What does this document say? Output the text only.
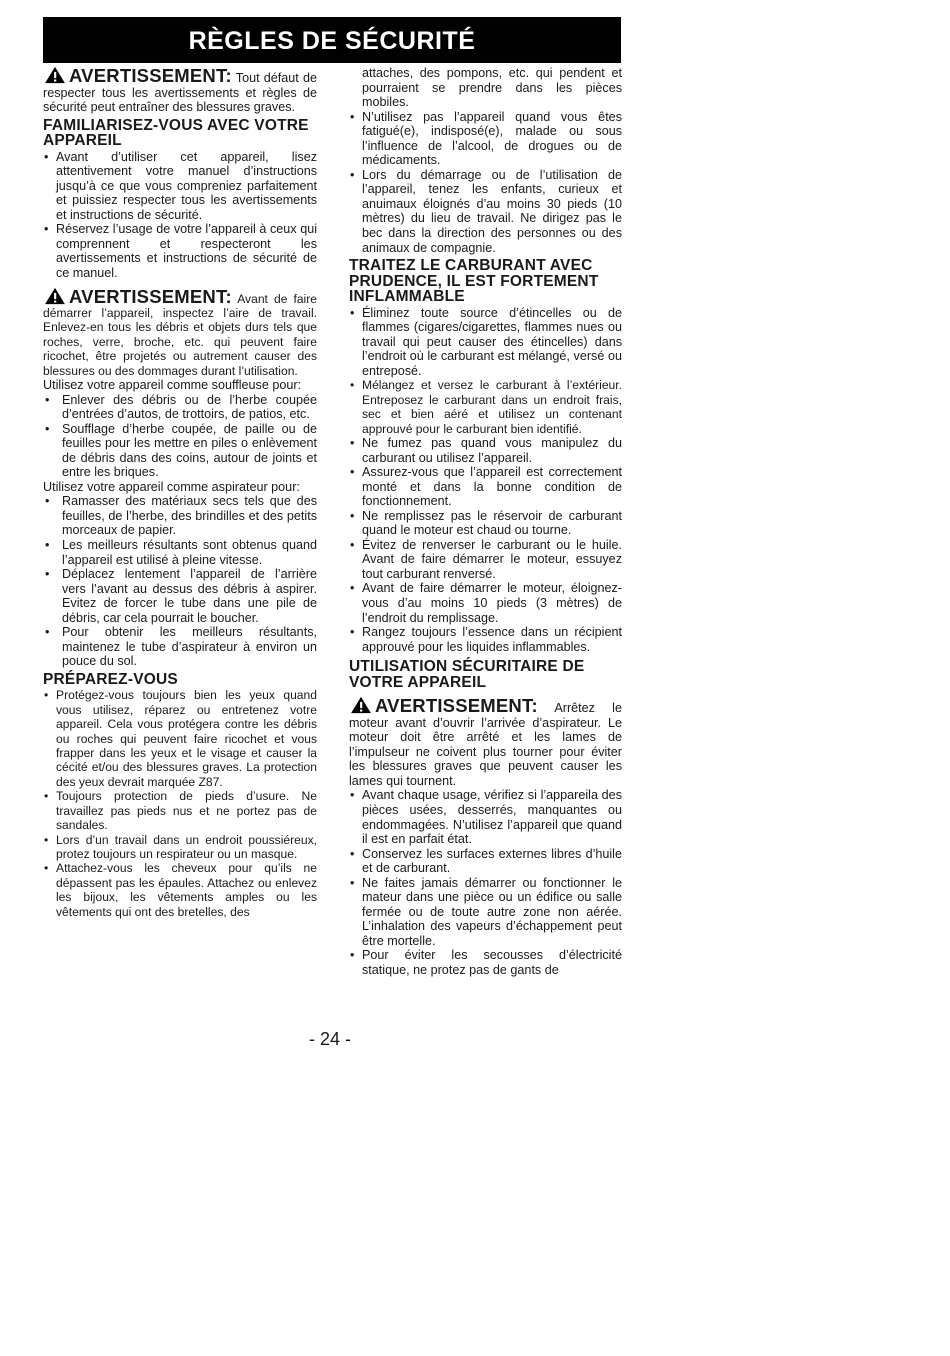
RÈGLES DE SÉCURITÉ

AVERTISSEMENT: Tout défaut de respecter tous les avertissements et règles de sécurité peut entraîner des blessures graves.

FAMILIARISEZ-VOUS AVEC VOTRE APPAREIL
• Avant d’utiliser cet appareil, lisez attentivement votre manuel d’instructions jusqu’à ce que vous compreniez parfaitement et puissiez respecter tous les avertissements et instructions de sécurité.
• Réservez l’usage de votre l’appareil à ceux qui comprennent et respecteront les avertissements et instructions de sécurité de ce manuel.

AVERTISSEMENT: Avant de faire démarrer l’appareil, inspectez l’aire de travail. Enlevez-en tous les débris et objets durs tels que roches, verre, broche, etc. qui peuvent faire ricochet, être projetés ou autrement causer des blessures ou des dommages durant l’utilisation.

Utilisez votre appareil comme souffleuse pour:

• Enlever des débris ou de l’herbe coupée d’entrées d’autos, de trottoirs, de patios, etc.
• Soufflage d’herbe coupée, de paille ou de feuilles pour les mettre en piles o enlèvement de débris dans des coins, autour de joints et entre les briques.

Utilisez votre appareil comme aspirateur pour:

• Ramasser des matériaux secs tels que des feuilles, de l’herbe, des brindilles et des petits morceaux de papier.
• Les meilleurs résultants sont obtenus quand l’appareil est utilisé à pleine vitesse.
• Déplacez lentement l’appareil de l’arrière vers l’avant au dessus des débris à aspirer. Evitez de forcer le tube dans une pile de débris, car cela pourrait le boucher.
• Pour obtenir les meilleurs résultants, maintenez le tube d’aspirateur à environ un pouce du sol.
PRÉPAREZ-VOUS
• Protégez-vous toujours bien les yeux quand vous utilisez, réparez ou entretenez votre appareil. Cela vous protégera contre les débris ou roches qui peuvent faire ricochet et vous frapper dans les yeux et le visage et causer la cécité et/ou des blessures graves. La protection des yeux devrait marquée Z87.
• Toujours protection de pieds d’usure. Ne travaillez pas pieds nus et ne portez pas de sandales.
• Lors d’un travail dans un endroit poussiéreux, protez toujours un respirateur ou un masque.
• Attachez-vous les cheveux pour qu’ils ne dépassent pas les épaules. Attachez ou enlevez les bijoux, les vêtements amples ou les vêtements qui ont des bretelles, des

attaches, des pompons, etc. qui pendent et pourraient se prendre dans les pièces mobiles.

• N’utilisez pas l’appareil quand vous êtes fatigué(e), indisposé(e), malade ou sous l’influence de l’alcool, de drogues ou de médicaments.
• Lors du démarrage ou de l’utilisation de l’appareil, tenez les enfants, curieux et anuimaux éloignés d’au moins 30 pieds (10 mètres) du lieu de travail. Ne dirigez pas le bec dans la direction des personnes ou des animaux de compagnie.
TRAITEZ LE CARBURANT AVEC PRUDENCE, IL EST FORTEMENT INFLAMMABLE
• Éliminez toute source d’étincelles ou de flammes (cigares/cigarettes, flammes nues ou travail qui peut causer des étincelles) dans l’endroit où le carburant est mélangé, versé ou entreposé.
• Mélangez et versez le carburant à l’extérieur. Entreposez le carburant dans un endroit frais, sec et bien aéré et utilisez un contenant approuvé pour le carburant bien identifié.
• Ne fumez pas quand vous manipulez du carburant ou utilisez l’appareil.
• Assurez-vous que l’appareil est correctement monté et dans la bonne condition de fonctionnement.
• Ne remplissez pas le réservoir de carburant quand le moteur est chaud ou tourne.
• Évitez de renverser le carburant ou le huile. Avant de faire démarrer le moteur, essuyez tout carburant renversé.
• Avant de faire démarrer le moteur, éloignez-vous d’au moins 10 pieds (3 mètres) de l’endroit du remplissage.
• Rangez toujours l’essence dans un récipient approuvé pour les liquides inflammables.
UTILISATION SÉCURITAIRE DE VOTRE APPAREIL

AVERTISSEMENT: Arrêtez le moteur avant d’ouvrir l’arrivée d’aspirateur. Le moteur doit être arrêté et les lames de l’impulseur ne coivent plus tourner pour éviter les blessures graves que peuvent causer les lames qui tournent.

• Avant chaque usage, vérifiez si l’appareila des pièces usées, desserrés, manquantes ou endommagées. N’utilisez l’appareil que quand il est en parfait état.
• Conservez les surfaces externes libres d’huile et de carburant.
• Ne faites jamais démarrer ou fonctionner le mateur dans une pièce ou un édifice ou salle fermée ou de toute autre zone non aérée. L’inhalation des vapeurs d’échappement peut être mortelle.
• Pour éviter les secousses d’électricité statique, ne protez pas de gants de
- 24 -
